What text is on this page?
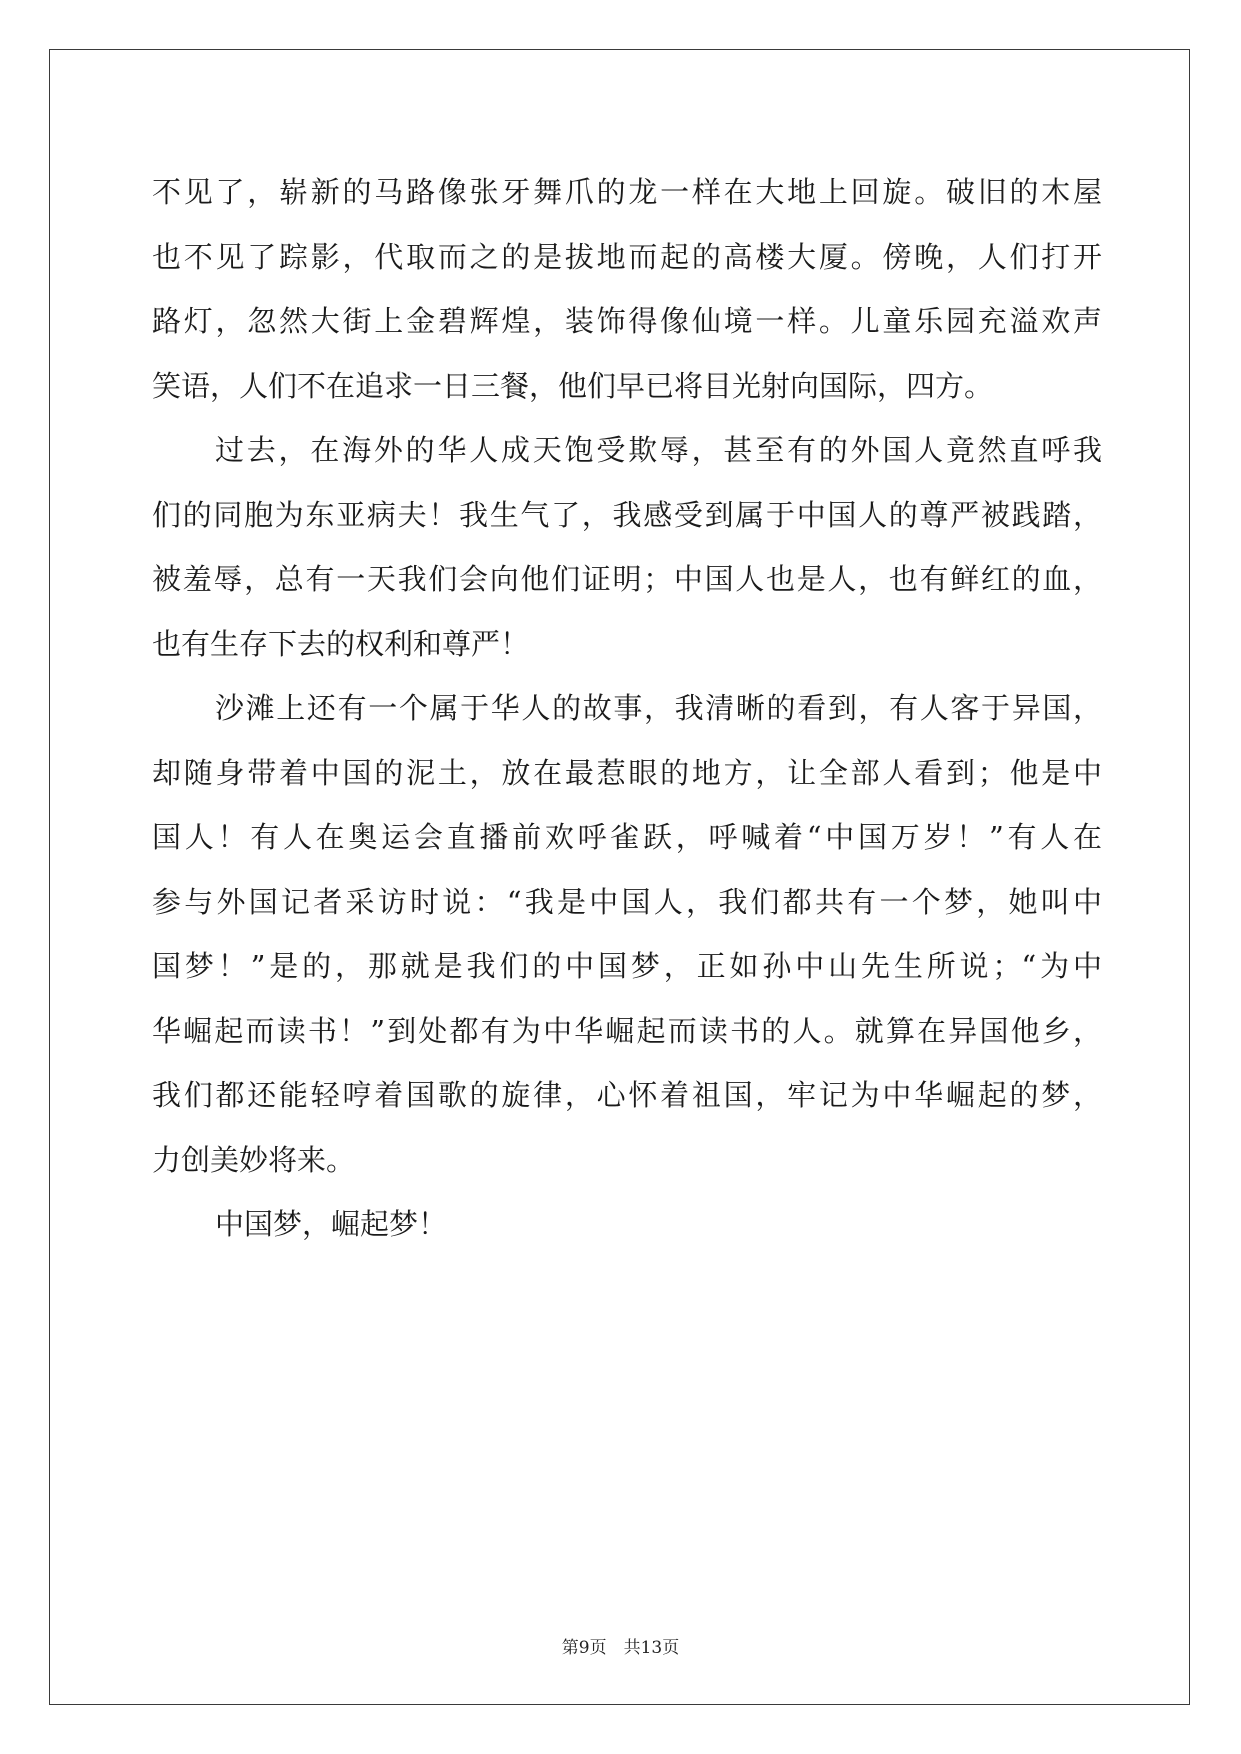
不见了，崭新的马路像张牙舞爪的龙一样在大地上回旋。破旧的木屋
也不见了踪影，代取而之的是拔地而起的高楼大厦。傍晚，人们打开
路灯，忽然大街上金碧辉煌，装饰得像仙境一样。儿童乐园充溢欢声
笑语，人们不在追求一日三餐，他们早已将目光射向国际，四方。
过去，在海外的华人成天饱受欺辱，甚至有的外国人竟然直呼我
们的同胞为东亚病夫！我生气了，我感受到属于中国人的尊严被践踏，
被羞辱，总有一天我们会向他们证明；中国人也是人，也有鲜红的血，
也有生存下去的权利和尊严！
沙滩上还有一个属于华人的故事，我清晰的看到，有人客于异国，
却随身带着中国的泥土，放在最惹眼的地方，让全部人看到；他是中
国人！有人在奥运会直播前欢呼雀跃，呼喊着“中国万岁！”有人在
参与外国记者采访时说：“我是中国人，我们都共有一个梦，她叫中
国梦！”是的，那就是我们的中国梦，正如孙中山先生所说；“为中
华崛起而读书！”到处都有为中华崛起而读书的人。就算在异国他乡，
我们都还能轻哼着国歌的旋律，心怀着祖国，牢记为中华崛起的梦，
力创美妙将来。
中国梦，崛起梦！
第9页　共13页
